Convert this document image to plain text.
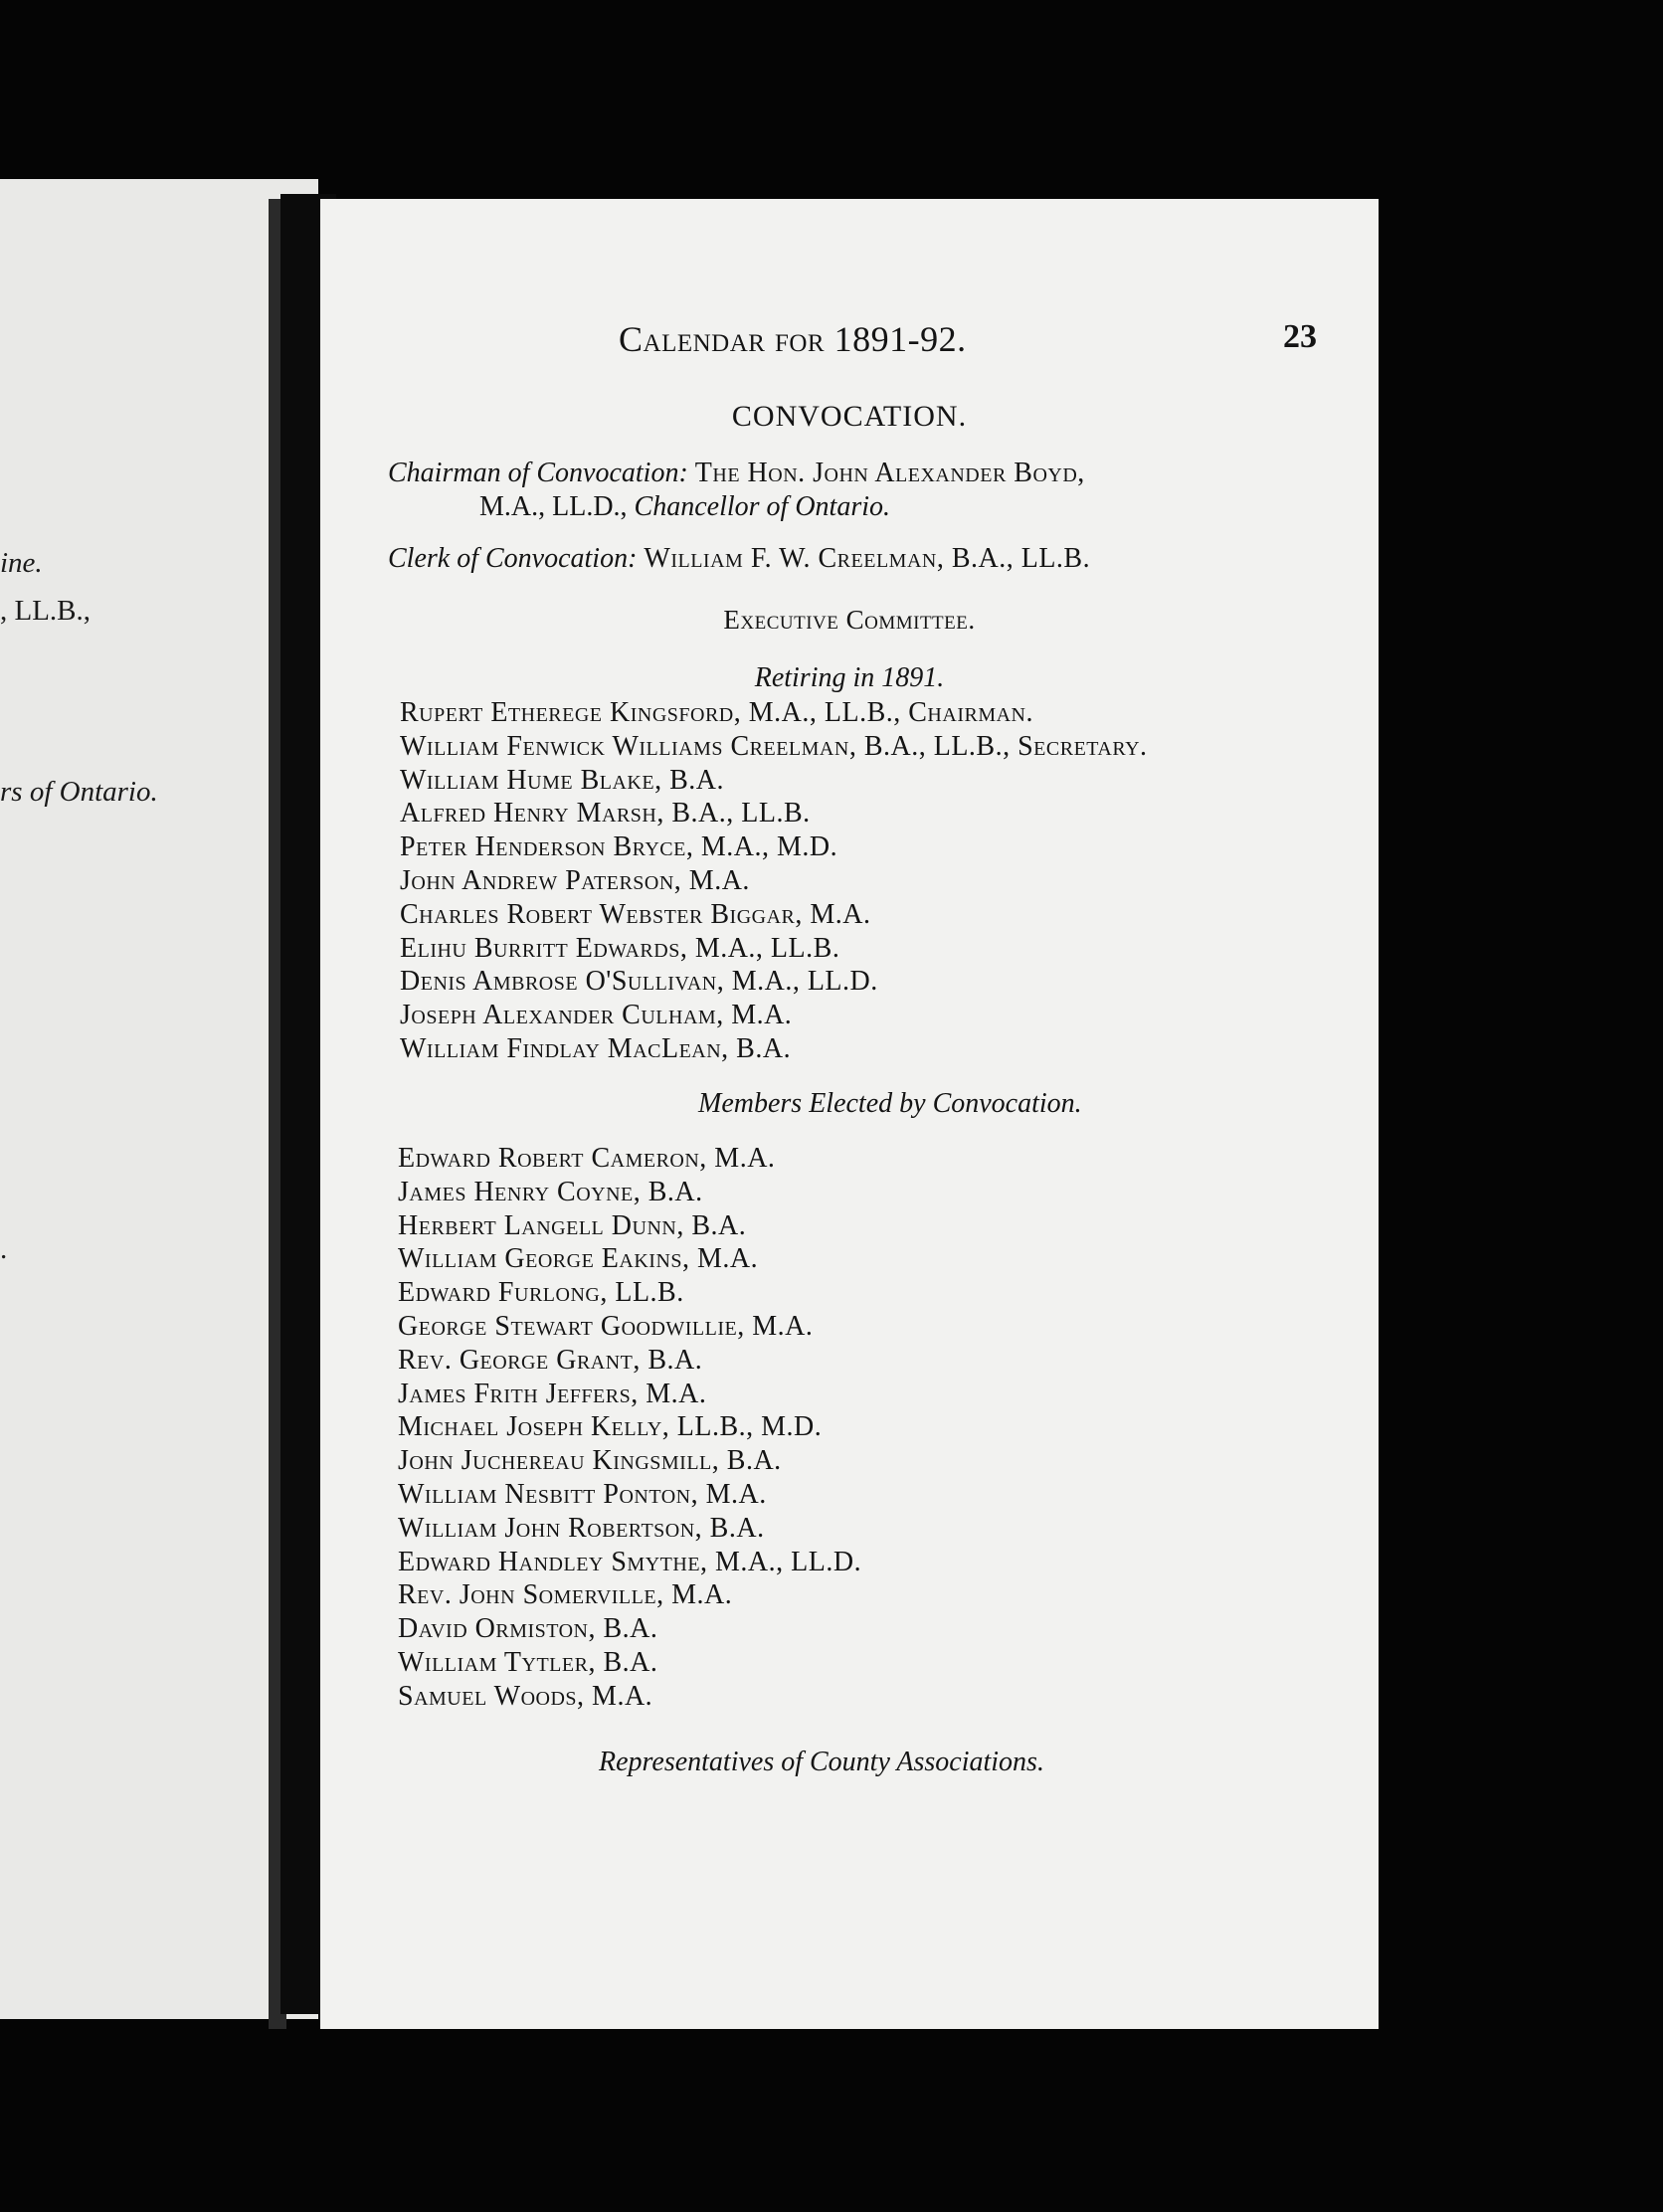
ine.
, LL.B.,
rs of Ontario.
.
Calendar for 1891-92.	23
CONVOCATION.
Chairman of Convocation: The Hon. John Alexander Boyd,
M.A., LL.D., Chancellor of Ontario.
Clerk of Convocation: William F. W. Creelman, B.A., LL.B.
Executive Committee.
Retiring in 1891.
Rupert Etherege Kingsford, M.A., LL.B., Chairman.
William Fenwick Williams Creelman, B.A., LL.B., Secretary.
William Hume Blake, B.A.
Alfred Henry Marsh, B.A., LL.B.
Peter Henderson Bryce, M.A., M.D.
John Andrew Paterson, M.A.
Charles Robert Webster Biggar, M.A.
Elihu Burritt Edwards, M.A., LL.B.
Denis Ambrose O'Sullivan, M.A., LL.D.
Joseph Alexander Culham, M.A.
William Findlay MacLean, B.A.
Members Elected by Convocation.
Edward Robert Cameron, M.A.
James Henry Coyne, B.A.
Herbert Langell Dunn, B.A.
William George Eakins, M.A.
Edward Furlong, LL.B.
George Stewart Goodwillie, M.A.
Rev. George Grant, B.A.
James Frith Jeffers, M.A.
Michael Joseph Kelly, LL.B., M.D.
John Juchereau Kingsmill, B.A.
William Nesbitt Ponton, M.A.
William John Robertson, B.A.
Edward Handley Smythe, M.A., LL.D.
Rev. John Somerville, M.A.
David Ormiston, B.A.
William Tytler, B.A.
Samuel Woods, M.A.
Representatives of County Associations.
